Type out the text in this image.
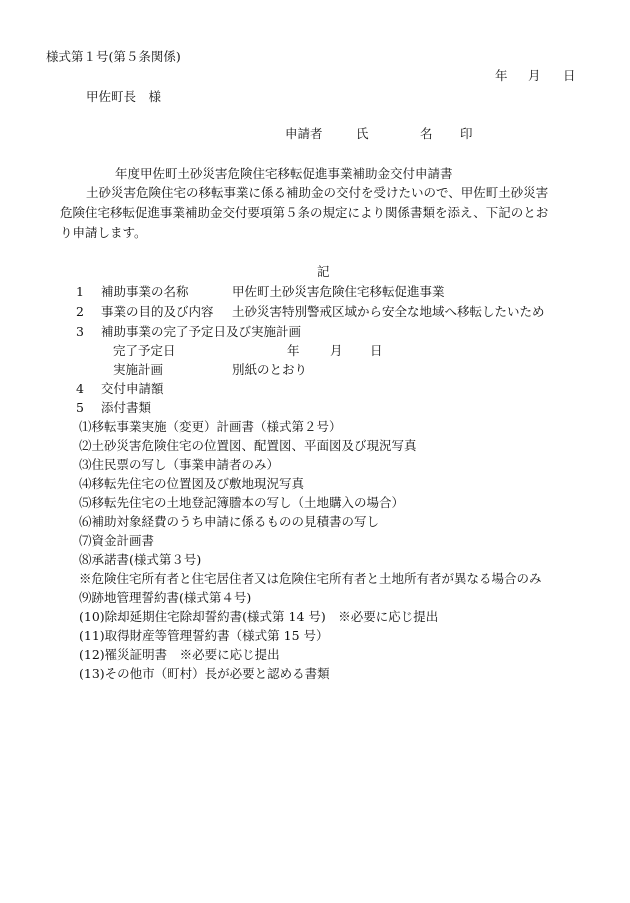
様式第１号(第５条関係)
年 月 日
甲佐町長　様
申請者	氏	名 印
年度甲佐町土砂災害危険住宅移転促進事業補助金交付申請書
土砂災害危険住宅の移転事業に係る補助金の交付を受けたいので、甲佐町土砂災害
危険住宅移転促進事業補助金交付要項第５条の規定により関係書類を添え、下記のとお
り申請します。
記
1 補助事業の名称	甲佐町土砂災害危険住宅移転促進事業
2 事業の目的及び内容 土砂災害特別警戒区域から安全な地域へ移転したいため
3 補助事業の完了予定日及び実施計画
完了予定日	年 月 日
実施計画	別紙のとおり
4 交付申請額
5 添付書類
⑴移転事業実施（変更）計画書（様式第２号）
⑵土砂災害危険住宅の位置図、配置図、平面図及び現況写真
⑶住民票の写し（事業申請者のみ）
⑷移転先住宅の位置図及び敷地現況写真
⑸移転先住宅の土地登記簿謄本の写し（土地購入の場合）
⑹補助対象経費のうち申請に係るものの見積書の写し
⑺資金計画書
⑻承諾書(様式第３号)
※危険住宅所有者と住宅居住者又は危険住宅所有者と土地所有者が異なる場合のみ
⑼跡地管理誓約書(様式第４号)
(10)除却延期住宅除却誓約書(様式第 14 号)　※必要に応じ提出
(11)取得財産等管理誓約書（様式第 15 号）
(12)罹災証明書　※必要に応じ提出
(13)その他市（町村）長が必要と認める書類
